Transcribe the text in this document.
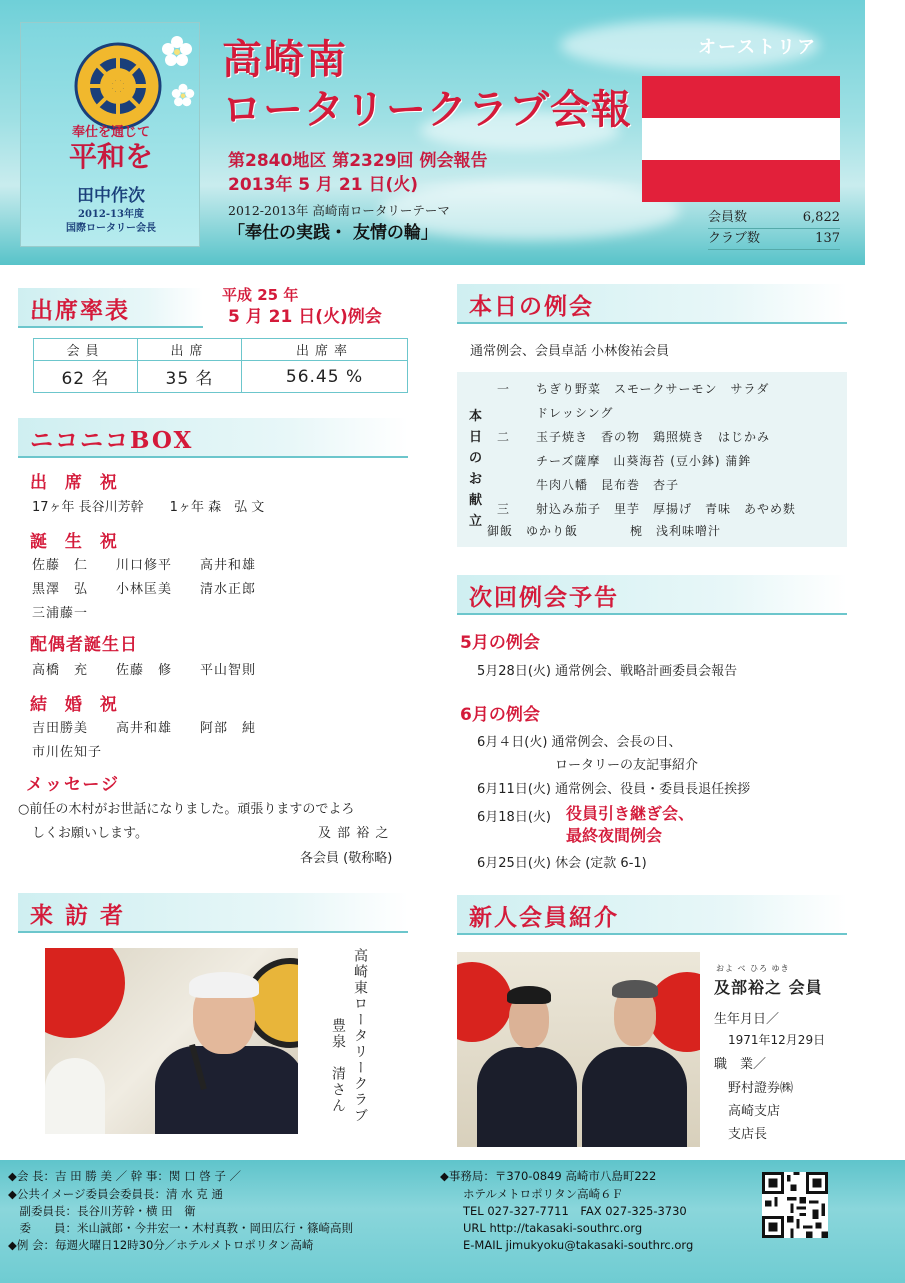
奉仕を通じて
平和を
田中作次
2012-13年度
国際ロータリー会長
高崎南
ロータリークラブ会報
第2840地区 第2329回 例会報告
2013年 5 月 21 日(火)
2012-2013年 高崎南ロータリーテーマ
「奉仕の実践・ 友情の輪」
オーストリア
会員数	6,822
クラブ数	137
出席率表
平成 25 年
5 月 21 日(火)例会
会員	出席	出席率
62 名	35 名	56.45 %
ニコニコBOX
出 席 祝
17ヶ年 長谷川芳幹　　1ヶ年 森　弘 文
誕 生 祝
佐藤　仁　　川口修平　　高井和雄
黒澤　弘　　小林匡美　　清水正郎
三浦藤一
配偶者誕生日
高橋　充　　佐藤　修　　平山智則
結 婚 祝
吉田勝美　　高井和雄　　阿部　純
市川佐知子
メッセージ
○前任の木村がお世話になりました。頑張りますのでよろ
しくお願いします。	及 部 裕 之
各会員 (敬称略)
本日の例会
通常例会、会員卓話 小林俊祐会員
本日のお献立
一　　ちぎり野菜　スモークサーモン　サラダ
　　　ドレッシング
二　　玉子焼き　香の物　鶏照焼き　はじかみ
　　　チーズ薩摩　山葵海苔 (豆小鉢) 蒲鉾
　　　牛肉八幡　昆布巻　杏子
三　　射込み茄子　里芋　厚揚げ　青味　あやめ麩
御飯　ゆかり飯　　　　椀　浅利味噌汁
次回例会予告
5月の例会
5月28日(火) 通常例会、戦略計画委員会報告
6月の例会
6月４日(火) 通常例会、会長の日、
　　　　　　ロータリーの友記事紹介
6月11日(火) 通常例会、役員・委員長退任挨拶
6月18日(火) 役員引き継ぎ会、
最終夜間例会
6月25日(火) 休会 (定款 6-1)
来 訪 者
高崎東ロータリークラブ
豊泉　清さん
新人会員紹介
およ べ ひろ ゆき
及部裕之 会員
生年月日／
1971年12月29日
職　業／
野村證券㈱
高崎支店
支店長
◆会 長：吉 田 勝 美 ／ 幹 事：関 口 啓 子 ／
◆公共イメージ委員会委員長：清 水 克 通
　副委員長：長谷川芳幹・横 田　衛
　委　　員：米山誠郎・今井宏一・木村真教・岡田広行・篠崎高則
◆例 会：毎週火曜日12時30分／ホテルメトロポリタン高崎
◆事務局：〒370-0849 高崎市八島町222
　　ホテルメトロポリタン高崎６Ｆ
　　TEL 027-327-7711　FAX 027-325-3730
　　URL http://takasaki-southrc.org
　　E-MAIL jimukyoku@takasaki-southrc.org
